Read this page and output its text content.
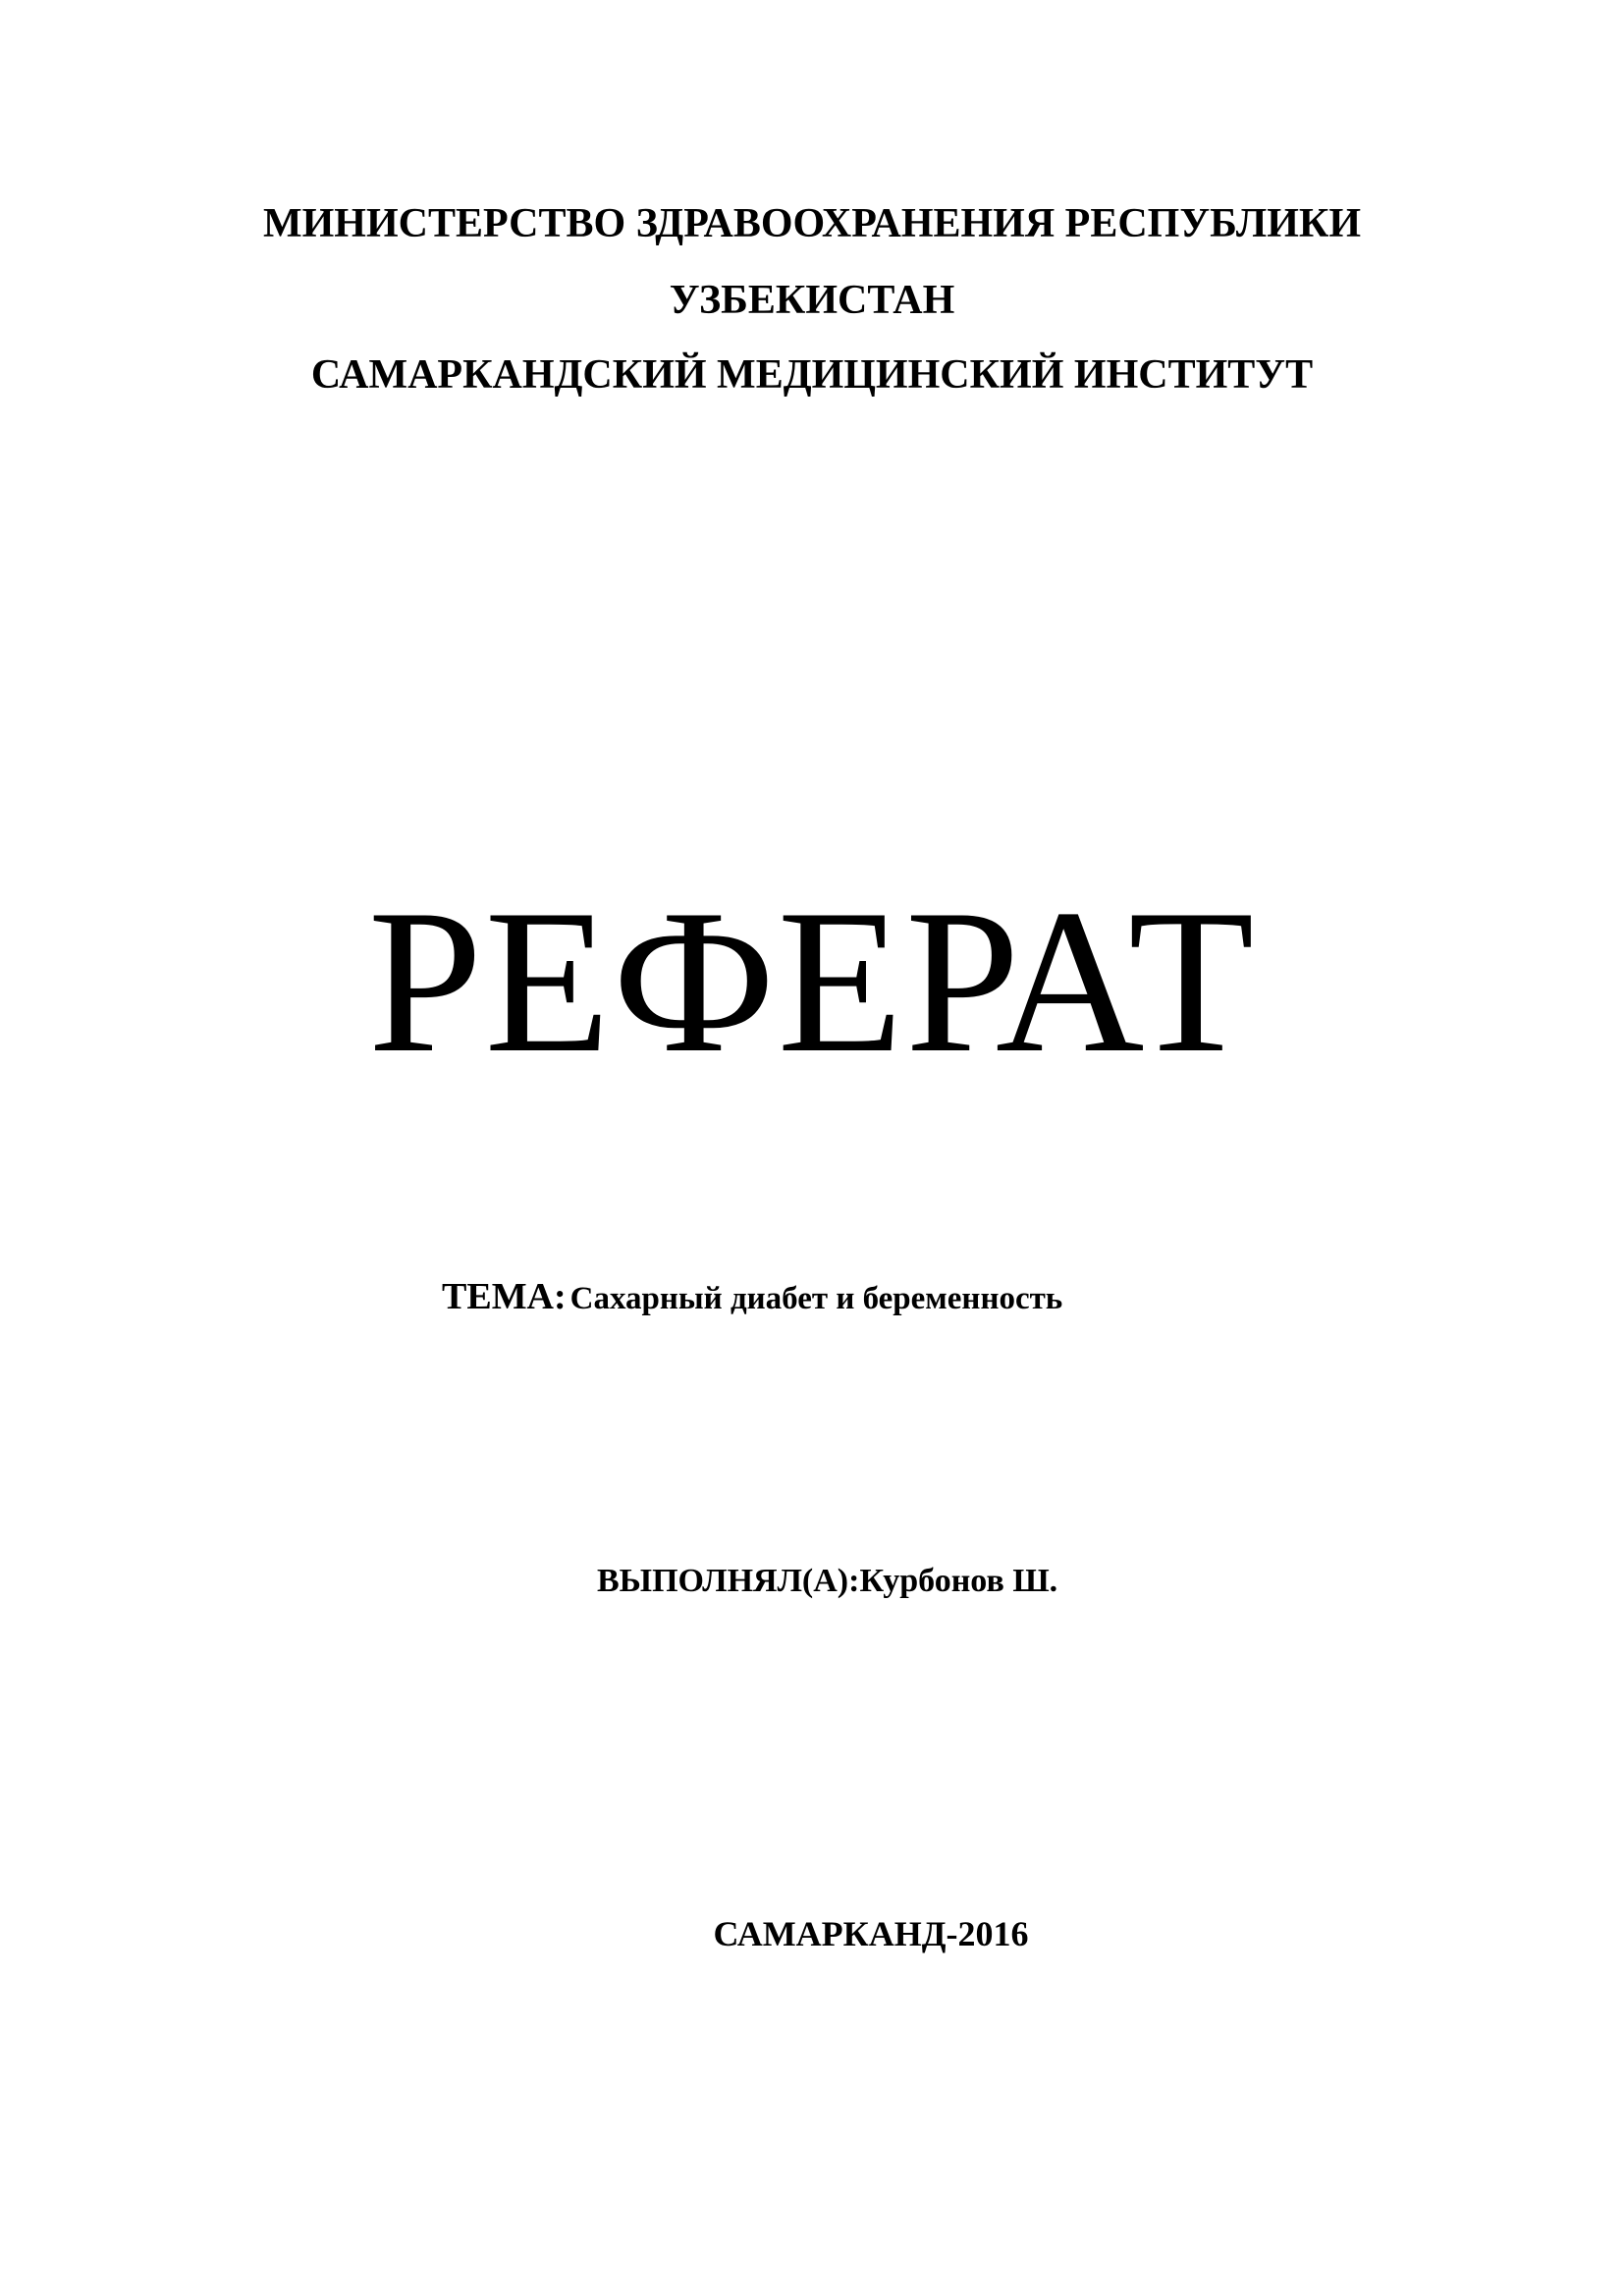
МИНИСТЕРСТВО ЗДРАВООХРАНЕНИЯ РЕСПУБЛИКИ
УЗБЕКИСТАН
САМАРКАНДСКИЙ МЕДИЦИНСКИЙ ИНСТИТУТ
РЕФЕРАТ
ТЕМА: Сахарный диабет и беременность
ВЫПОЛНЯЛ(А):Курбонов Ш.
САМАРКАНД-2016
